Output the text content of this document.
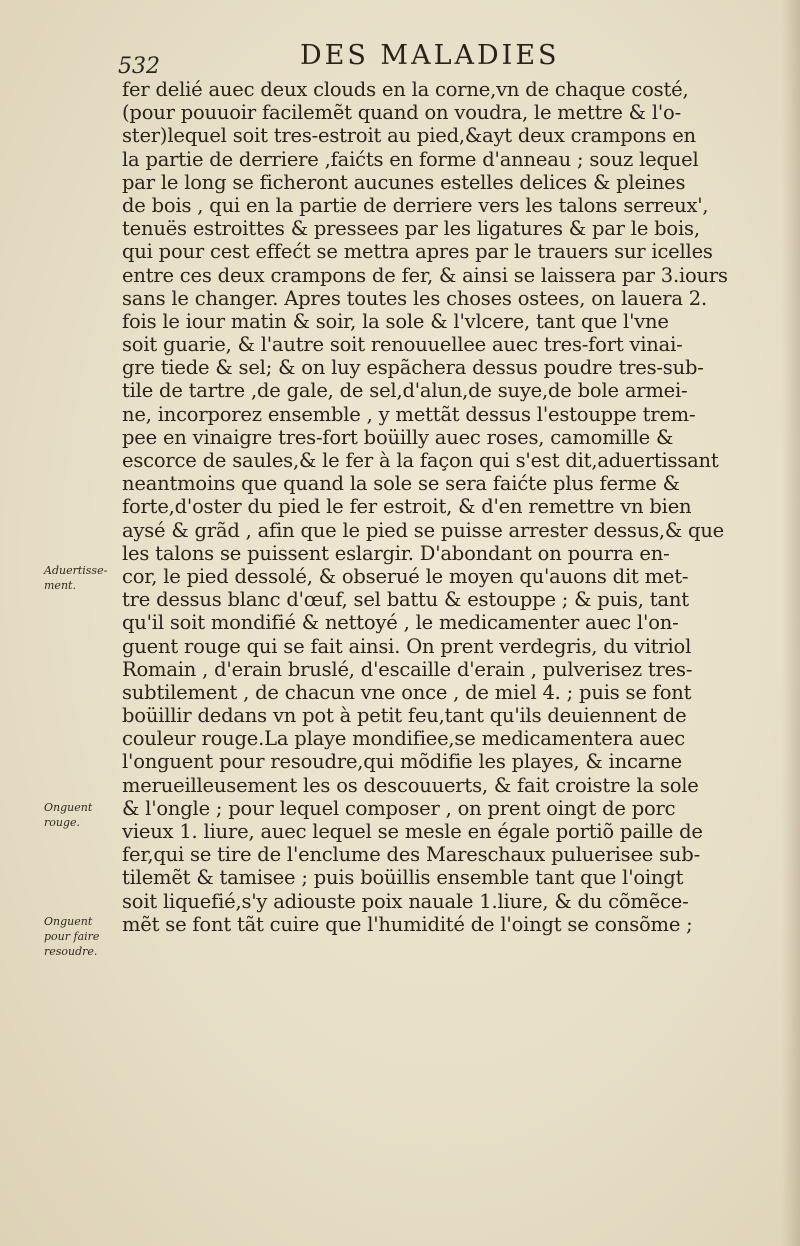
532	DES MALADIES
fer delié auec deux clouds en la corne,vn de chaque costé,
(pour pouuoir facilemẽt quand on voudra, le mettre & l'o-
ster)lequel soit tres-estroit au pied,&ayt deux crampons en
la partie de derriere ,faićts en forme d'anneau ; souz lequel
par le long se ficheront aucunes estelles delices & pleines
de bois , qui en la partie de derriere vers les talons serreux',
tenuës estroittes & pressees par les ligatures & par le bois,
qui pour cest effećt se mettra apres par le trauers sur icelles
entre ces deux crampons de fer, & ainsi se laissera par 3.iours
sans le changer. Apres toutes les choses ostees, on lauera 2.
fois le iour matin & soir, la sole & l'vlcere, tant que l'vne
soit guarie, & l'autre soit renouuellee auec tres-fort vinai-
gre tiede & sel; & on luy espãchera dessus poudre tres-sub-
tile de tartre ,de gale, de sel,d'alun,de suye,de bole armei-
ne, incorporez ensemble , y mettãt dessus l'estouppe trem-
pee en vinaigre tres-fort boüilly auec roses, camomille &
escorce de saules,& le fer à la façon qui s'est dit,aduertissant
neantmoins que quand la sole se sera faićte plus ferme &
forte,d'oster du pied le fer estroit, & d'en remettre vn bien
aysé & grãd , afin que le pied se puisse arrester dessus,& que
les talons se puissent eslargir. D'abondant on pourra en-
cor, le pied dessolé, & obserué le moyen qu'auons dit met-
tre dessus blanc d'œuf, sel battu & estouppe ; & puis, tant
qu'il soit mondifié & nettoyé , le medicamenter auec l'on-
guent rouge qui se fait ainsi. On prent verdegris, du vitriol
Romain , d'erain bruslé, d'escaille d'erain , pulverisez tres-
subtilement , de chacun vne once , de miel 4. ; puis se font
boüillir dedans vn pot à petit feu,tant qu'ils deuiennent de
couleur rouge.La playe mondifiee,se medicamentera auec
l'onguent pour resoudre,qui mõdifie les playes, & incarne
merueilleusement les os descouuerts, & fait croistre la sole
& l'ongle ; pour lequel composer , on prent oingt de porc
vieux 1. liure, auec lequel se mesle en égale portiõ paille de
fer,qui se tire de l'enclume des Mareschaux puluerisee sub-
tilemẽt & tamisee ; puis boüillis ensemble tant que l'oingt
soit liquefié,s'y adiouste poix nauale 1.liure, & du cõmẽce-
mẽt se font tãt cuire que l'humidité de l'oingt se consõme ;
Aduertisse-
ment.
Onguent
rouge.
Onguent
pour faire
resoudre.
